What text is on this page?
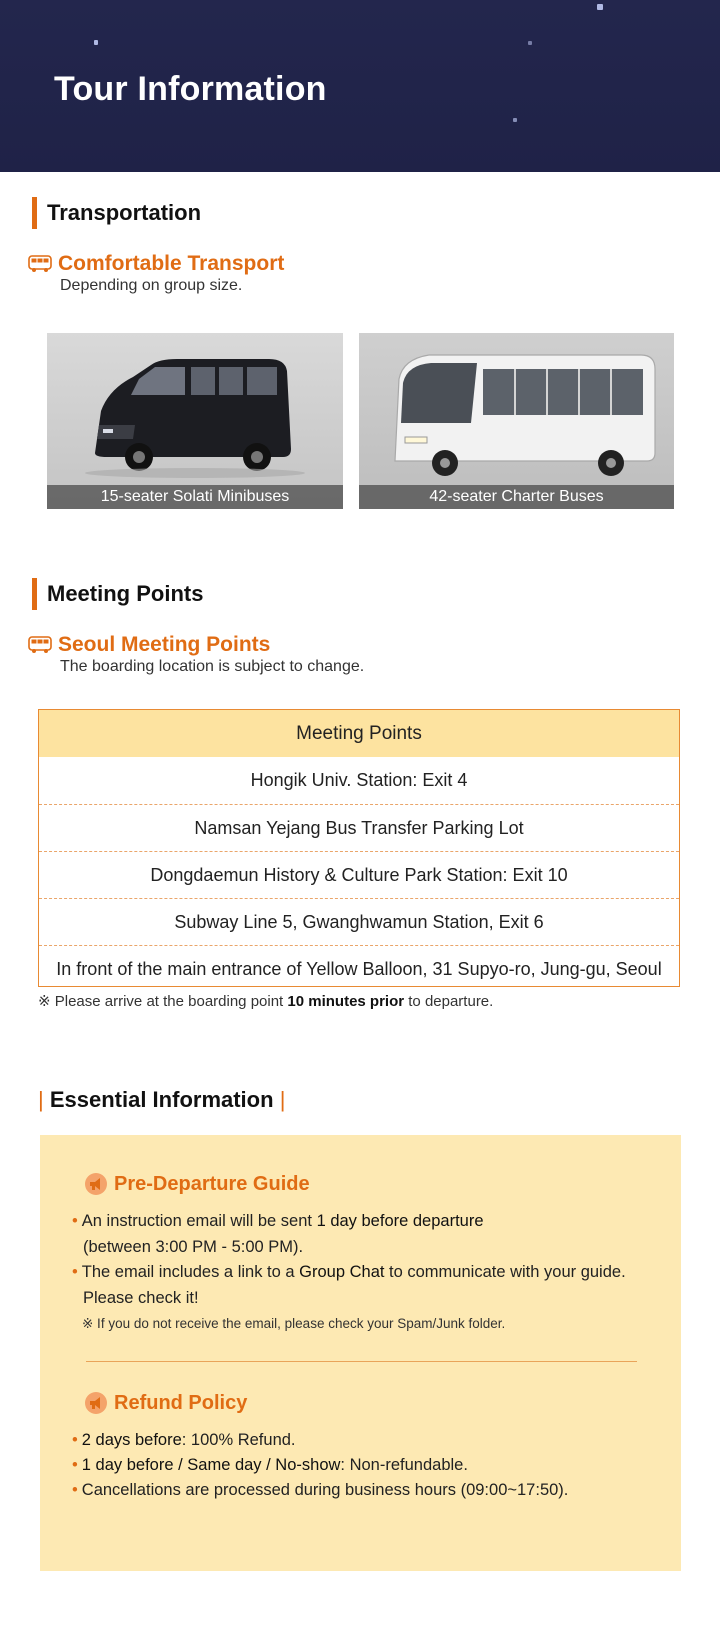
Tour Information
Transportation
Comfortable Transport
Depending on group size.
15-seater Solati Minibuses	42-seater Charter Buses
Meeting Points
Seoul Meeting Points
The boarding location is subject to change.
Meeting Points
Hongik Univ. Station: Exit 4
Namsan Yejang Bus Transfer Parking Lot
Dongdaemun History & Culture Park Station: Exit 10
Subway Line 5, Gwanghwamun Station, Exit 6
In front of the main entrance of Yellow Balloon, 31 Supyo-ro, Jung-gu, Seoul
※ Please arrive at the boarding point 10 minutes prior to departure.
| Essential Information |
Pre-Departure Guide
• An instruction email will be sent 1 day before departure
(between 3:00 PM - 5:00 PM).
• The email includes a link to a Group Chat to communicate with your guide.
Please check it!
※ If you do not receive the email, please check your Spam/Junk folder.
Refund Policy
• 2 days before: 100% Refund.
• 1 day before / Same day / No-show: Non-refundable.
• Cancellations are processed during business hours (09:00~17:50).
